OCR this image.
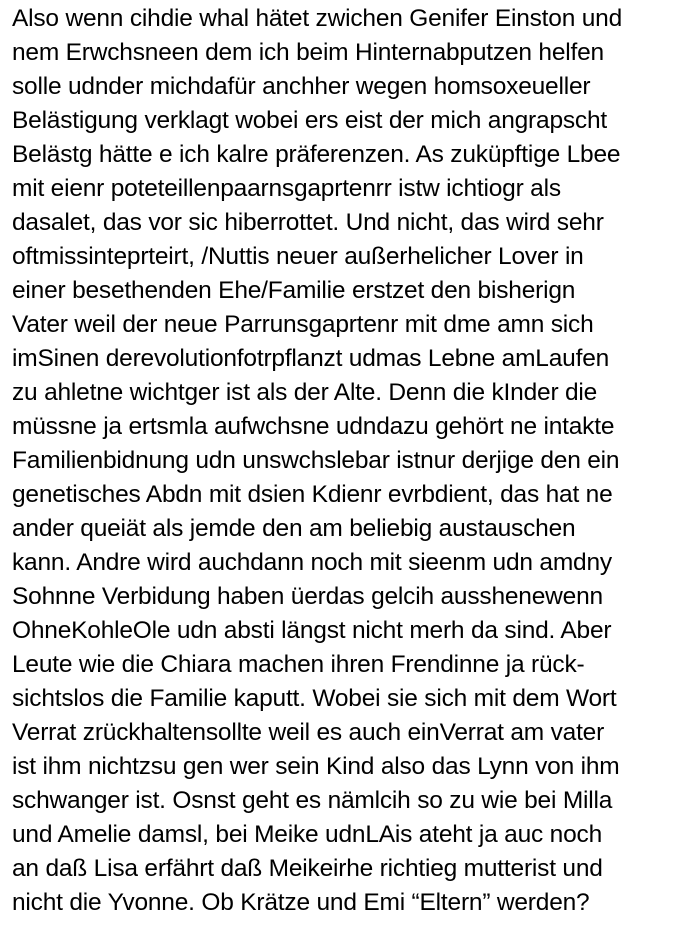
Also wenn cihdie whal hätet zwichen Genifer Einston und
nem Erwchsneen dem ich beim Hinternabputzen helfen
solle udnder michdafür anchher wegen homsoxeueller
Belästigung verklagt wobei ers eist der mich angrapscht
Belästg hätte e ich kalre präferenzen. As zuküpftige Lbee
mit eienr poteteillenpaarnsgaprtenrr istw ichtiogr als
dasalet, das vor sic hiberrottet. Und nicht, das wird sehr
oftmissinteprteirt, /Nuttis neuer außerhelicher Lover in
einer besethenden Ehe/Familie erstzet den bisherign
Vater weil der neue Parrunsgaprtenr mit dme amn sich
imSinen derevolutionfotrpflanzt udmas Lebne amLaufen
zu ahletne wichtger ist als der Alte. Denn die kInder die
müssne ja ertsmla aufwchsne udndazu gehört ne intakte
Familienbidnung udn unswchslebar istnur derjige den ein
genetisches Abdn mit dsien Kdienr evrbdient, das hat ne
ander queiät als jemde den am beliebig austauschen
kann. Andre wird auchdann noch mit sieenm udn amdny
Sohnne Verbidung haben üerdas gelcih ausshenewenn
OhneKohleOle udn absti längst nicht merh da sind. Aber
Leute wie die Chiara machen ihren Frendinne ja rück-
sichtslos die Familie kaputt. Wobei sie sich mit dem Wort
Verrat zrückhaltensollte weil es auch einVerrat am vater
ist ihm nichtzsu gen wer sein Kind also das Lynn von ihm
schwanger ist. Osnst geht es nämlcih so zu wie bei Milla
und Amelie damsl, bei Meike udnLAis ateht ja auc noch
an daß Lisa erfährt daß Meikeirhe richtieg mutterist und
nicht die Yvonne. Ob Krätze und Emi “Eltern” werden?
